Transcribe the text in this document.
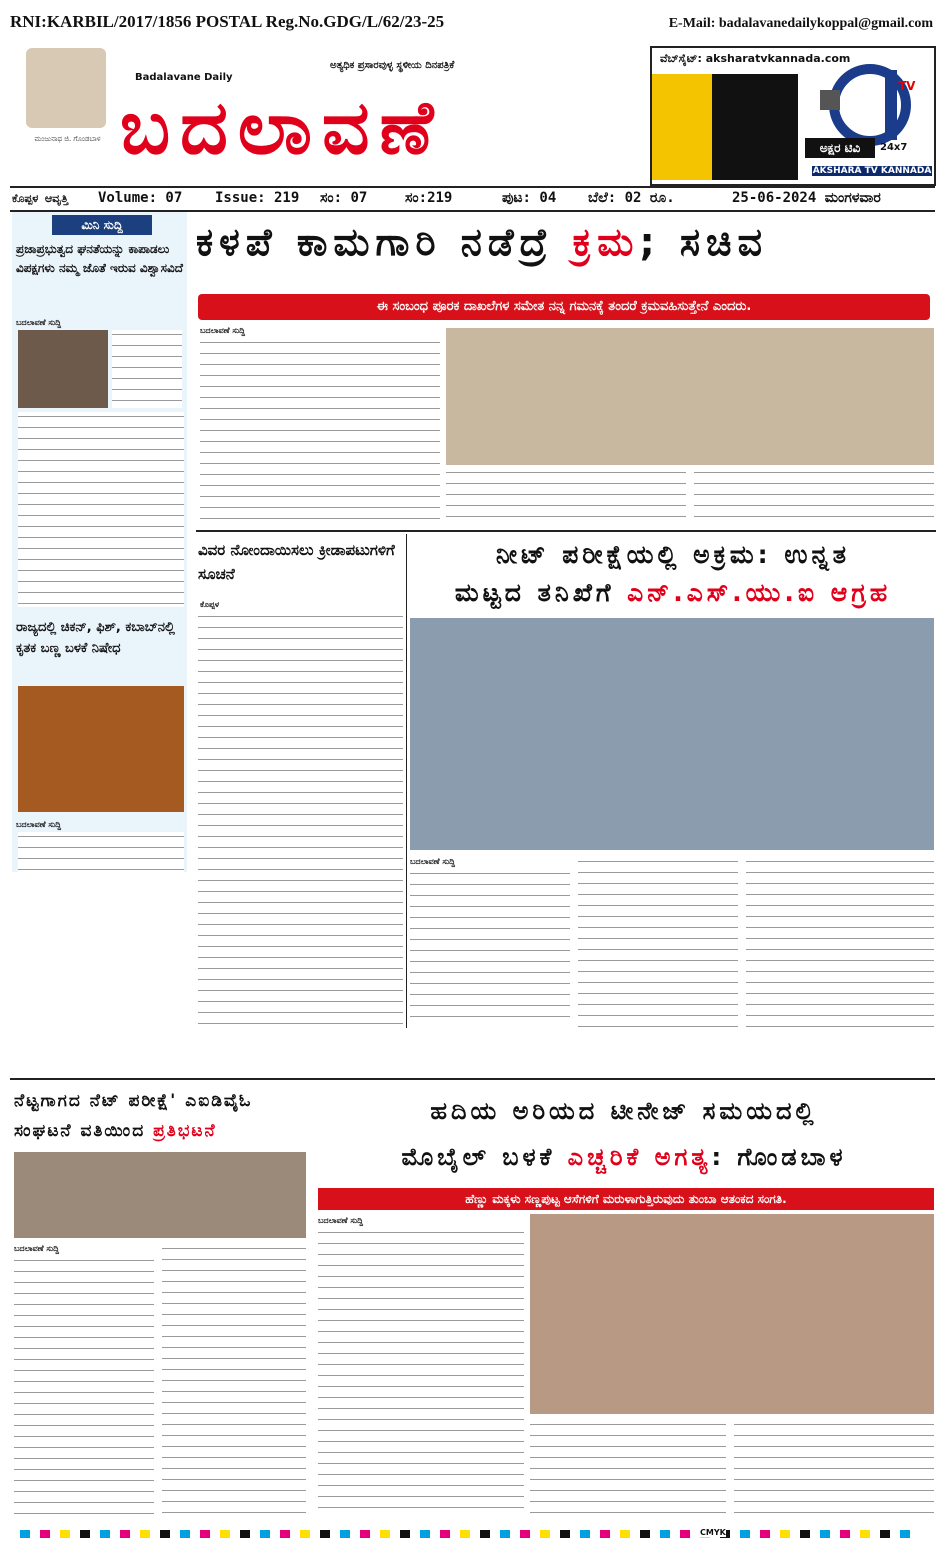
RNI:KARBIL/2017/1856 POSTAL Reg.No.GDG/L/62/23-25	E-Mail: badalavanedailykoppal@gmail.com
ಮಂಜುನಾಥ ಜಿ. ಗೊಂಡಬಾಳ
Badalavane Daily
ಅತ್ಯಧಿಕ ಪ್ರಸಾರವುಳ್ಳ ಸ್ಥಳೀಯ ದಿನಪತ್ರಿಕೆ
ಬದಲಾವಣೆ
ವೆಬ್‌ಸೈಟ್: aksharatvkannada.com
TV
ಅಕ್ಷರ ಟಿವಿ	24x7
AKSHARA TV KANNADA
ಕೊಪ್ಪಳ ಆವೃತ್ತಿ Volume: 07 Issue: 219 ಸಂ: 07	ಸಂ:219	ಪುಟ: 04 ಬೆಲೆ: 02 ರೂ.	25-06-2024 ಮಂಗಳವಾರ
ಮಿನಿ ಸುದ್ದಿ
ಪ್ರಜಾಪ್ರಭುತ್ವದ ಘನತೆಯನ್ನು ಕಾಪಾಡಲು ವಿಪಕ್ಷಗಳು ನಮ್ಮ ಜೊತೆ ಇರುವ ವಿಶ್ವಾಸವಿದೆ
ಬದಲಾವಣೆ ಸುದ್ದಿ
ರಾಜ್ಯದಲ್ಲಿ ಚಿಕನ್, ಫಿಶ್, ಕಬಾಬ್‌ನಲ್ಲಿ ಕೃತಕ ಬಣ್ಣ ಬಳಕೆ ನಿಷೇಧ
ಬದಲಾವಣೆ ಸುದ್ದಿ
ಕಳಪೆ ಕಾಮಗಾರಿ ನಡೆದ್ರೆ ಕ್ರಮ; ಸಚಿವ
ಈ ಸಂಬಂಧ ಪೂರಕ ದಾಖಲೆಗಳ ಸಮೇತ ನನ್ನ ಗಮನಕ್ಕೆ ತಂದರೆ ಕ್ರಮವಹಿಸುತ್ತೇನೆ ಎಂದರು.
ಬದಲಾವಣೆ ಸುದ್ದಿ
ವಿವರ ನೋಂದಾಯಿಸಲು ಕ್ರೀಡಾಪಟುಗಳಿಗೆ ಸೂಚನೆ
ಕೊಪ್ಪಳ
ನೀಟ್ ಪರೀಕ್ಷೆಯಲ್ಲಿ ಅಕ್ರಮ: ಉನ್ನತ
ಮಟ್ಟದ ತನಿಖೆಗೆ ಎನ್.ಎಸ್.ಯು.ಐ ಆಗ್ರಹ
ಬದಲಾವಣೆ ಸುದ್ದಿ
ನೆಟ್ಟಗಾಗದ ನೆಟ್ ಪರೀಕ್ಷೆ' ಎಐಡಿವೈಓ
ಸಂಘಟನೆ ವತಿಯಿಂದ ಪ್ರತಿಭಟನೆ
ಬದಲಾವಣೆ ಸುದ್ದಿ
ಹದಿಯ ಅರಿಯದ ಟೀನೇಜ್ ಸಮಯದಲ್ಲಿ
ಮೊಬೈಲ್ ಬಳಕೆ ಎಚ್ಚರಿಕೆ ಅಗತ್ಯ: ಗೊಂಡಬಾಳ
ಹೆಣ್ಣು ಮಕ್ಕಳು ಸಣ್ಣಪುಟ್ಟ ಆಸೆಗಳಿಗೆ ಮರುಳಾಗುತ್ತಿರುವುದು ತುಂಬಾ ಆತಂಕದ ಸಂಗತಿ.
ಬದಲಾವಣೆ ಸುದ್ದಿ
CMYK
